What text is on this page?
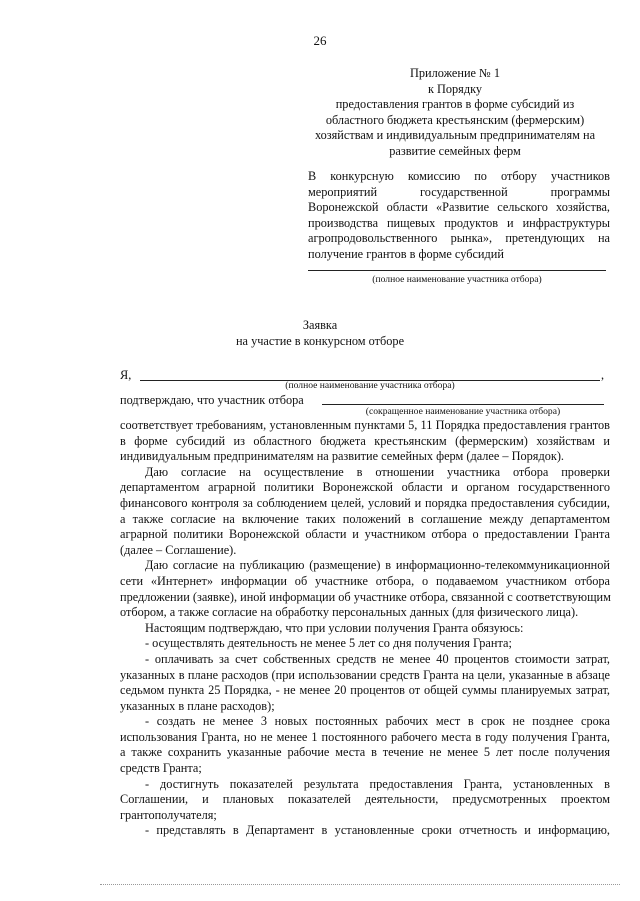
26
Приложение № 1
к Порядку
предоставления грантов в форме субсидий из
областного бюджета крестьянским (фермерским)
хозяйствам и индивидуальным предпринимателям на
развитие семейных ферм
В конкурсную комиссию по отбору участников
мероприятий государственной программы
Воронежской области «Развитие сельского хозяйства,
производства пищевых продуктов и инфраструктуры
агропродовольственного рынка», претендующих на
получение грантов в форме субсидий
(полное наименование участника отбора)
Заявка
на участие в конкурсном отборе
Я,	,
(полное наименование участника отбора)
подтверждаю, что участник отбора
(сокращенное наименование участника отбора)
соответствует требованиям, установленным пунктами 5, 11 Порядка предоставления грантов
в форме субсидий из областного бюджета крестьянским (фермерским) хозяйствам и
индивидуальным предпринимателям на развитие семейных ферм (далее – Порядок).
Даю согласие на осуществление в отношении участника отбора проверки
департаментом аграрной политики Воронежской области и органом государственного
финансового контроля за соблюдением целей, условий и порядка предоставления субсидии,
а также согласие на включение таких положений в соглашение между департаментом
аграрной политики Воронежской области и участником отбора о предоставлении Гранта
(далее – Соглашение).
Даю согласие на публикацию (размещение) в информационно-телекоммуникационной
сети «Интернет» информации об участнике отбора, о подаваемом участником отбора
предложении (заявке), иной информации об участнике отбора, связанной с соответствующим
отбором, а также согласие на обработку персональных данных (для физического лица).
Настоящим подтверждаю, что при условии получения Гранта обязуюсь:
- осуществлять деятельность не менее 5 лет со дня получения Гранта;
- оплачивать за счет собственных средств не менее 40 процентов стоимости затрат,
указанных в плане расходов (при использовании средств Гранта на цели, указанные в абзаце
седьмом пункта 25 Порядка, - не менее 20 процентов от общей суммы планируемых затрат,
указанных в плане расходов);
- создать не менее 3 новых постоянных рабочих мест в срок не позднее срока
использования Гранта, но не менее 1 постоянного рабочего места в году получения Гранта,
а также сохранить указанные рабочие места в течение не менее 5 лет после получения
средств Гранта;
- достигнуть показателей результата предоставления Гранта, установленных в
Соглашении, и плановых показателей деятельности, предусмотренных проектом
грантополучателя;
- представлять в Департамент в установленные сроки отчетность и информацию,
